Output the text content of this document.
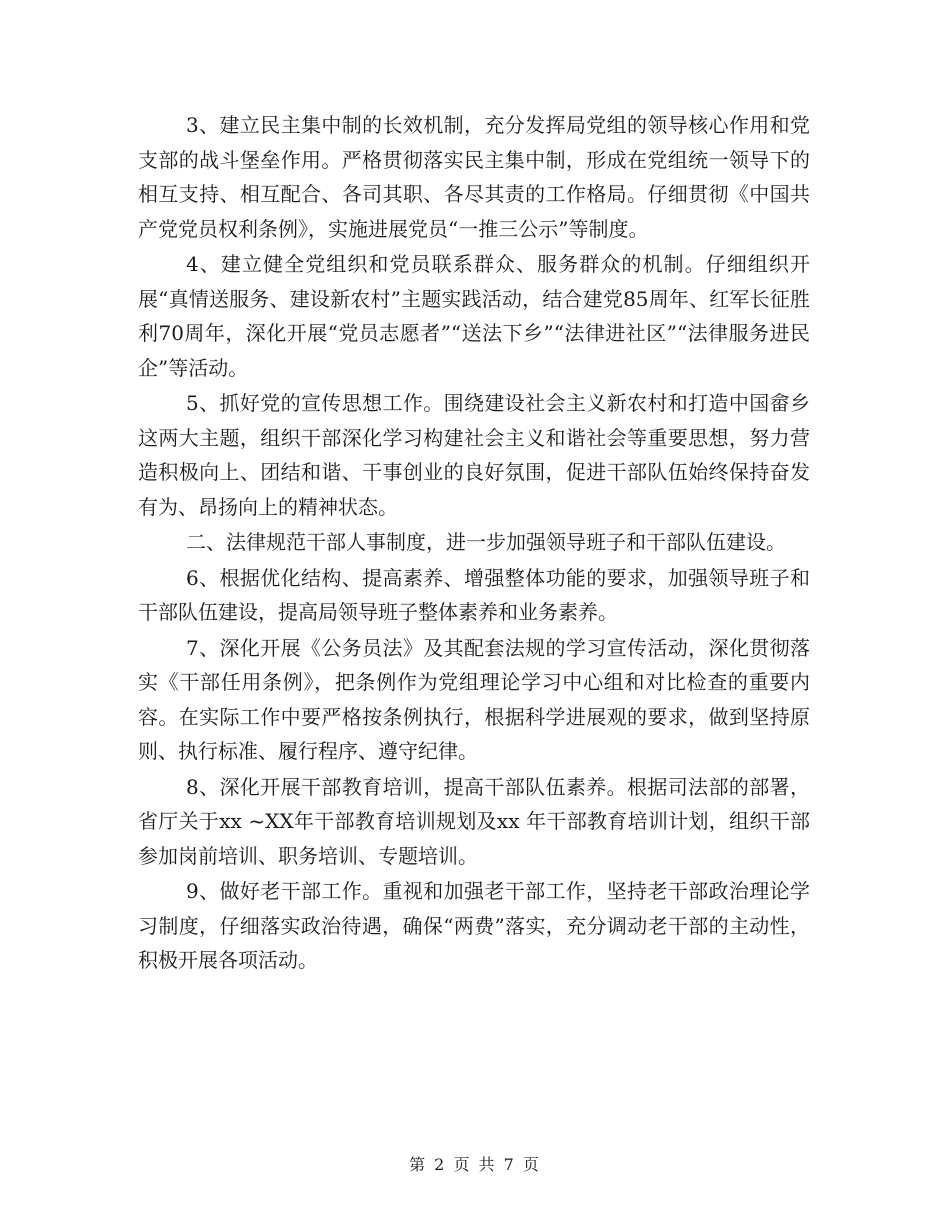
3、建立民主集中制的长效机制，充分发挥局党组的领导核心作用和党支部的战斗堡垒作用。严格贯彻落实民主集中制，形成在党组统一领导下的相互支持、相互配合、各司其职、各尽其责的工作格局。仔细贯彻《中国共产党党员权利条例》，实施进展党员“一推三公示”等制度。

4、建立健全党组织和党员联系群众、服务群众的机制。仔细组织开展“真情送服务、建设新农村”主题实践活动，结合建党85周年、红军长征胜利70周年，深化开展“党员志愿者”“送法下乡”“法律进社区”“法律服务进民企”等活动。

5、抓好党的宣传思想工作。围绕建设社会主义新农村和打造中国畲乡这两大主题，组织干部深化学习构建社会主义和谐社会等重要思想，努力营造积极向上、团结和谐、干事创业的良好氛围，促进干部队伍始终保持奋发有为、昂扬向上的精神状态。

二、法律规范干部人事制度，进一步加强领导班子和干部队伍建设。

6、根据优化结构、提高素养、增强整体功能的要求，加强领导班子和干部队伍建设，提高局领导班子整体素养和业务素养。

7、深化开展《公务员法》及其配套法规的学习宣传活动，深化贯彻落实《干部任用条例》，把条例作为党组理论学习中心组和对比检查的重要内容。在实际工作中要严格按条例执行，根据科学进展观的要求，做到坚持原则、执行标准、履行程序、遵守纪律。

8、深化开展干部教育培训，提高干部队伍素养。根据司法部的部署，省厅关于xx ~XX年干部教育培训规划及xx 年干部教育培训计划，组织干部参加岗前培训、职务培训、专题培训。

9、做好老干部工作。重视和加强老干部工作，坚持老干部政治理论学习制度，仔细落实政治待遇，确保“两费”落实，充分调动老干部的主动性，积极开展各项活动。

第 2 页 共 7 页
